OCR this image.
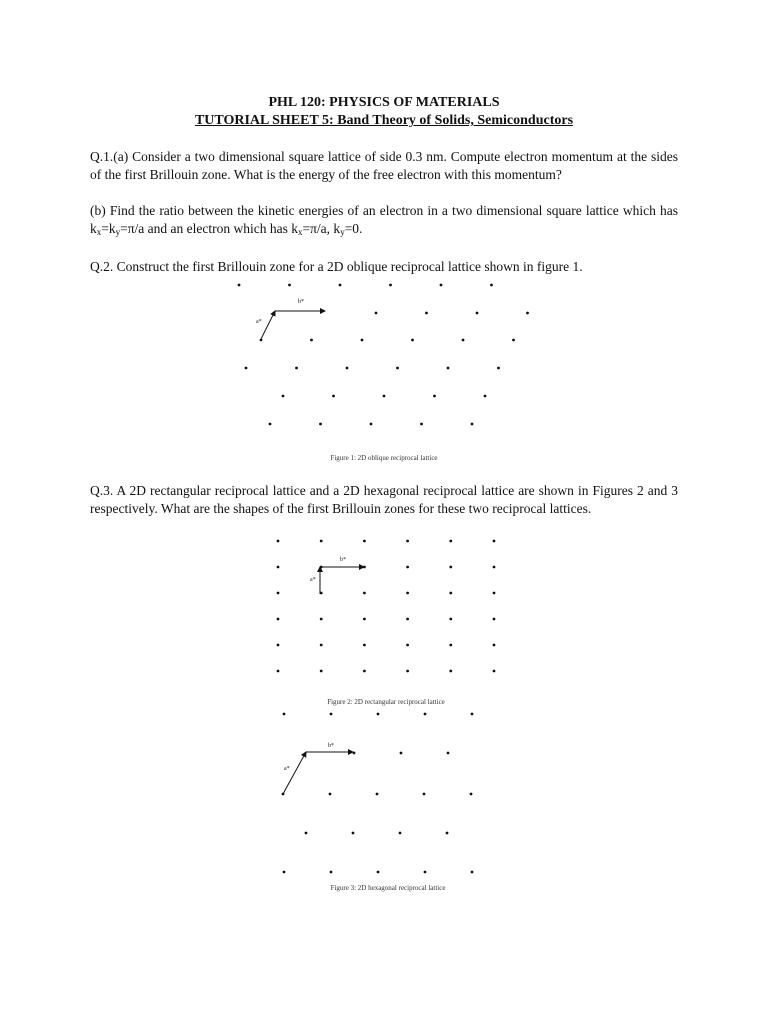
PHL 120: PHYSICS OF MATERIALS
TUTORIAL SHEET 5: Band Theory of Solids, Semiconductors
Q.1.(a) Consider a two dimensional square lattice of side 0.3 nm. Compute electron momentum at the sides of the first Brillouin zone. What is the energy of the free electron with this momentum?
(b) Find the ratio between the kinetic energies of an electron in a two dimensional square lattice which has $k_x=k_y=\pi/a$ and an electron which has $k_x=\pi/a$, $k_y=0$.
Q.2. Construct the first Brillouin zone for a 2D oblique reciprocal lattice shown in figure 1.
Q.3. A 2D rectangular reciprocal lattice and a 2D hexagonal reciprocal lattice are shown in Figures 2 and 3 respectively. What are the shapes of the first Brillouin zones for these two reciprocal lattices.
b*
a*
Figure 1: 2D oblique reciprocal lattice
b*
a*
Figure 2: 2D rectangular reciprocal lattice
b*
a*
Figure 3: 2D hexagonal reciprocal lattice
